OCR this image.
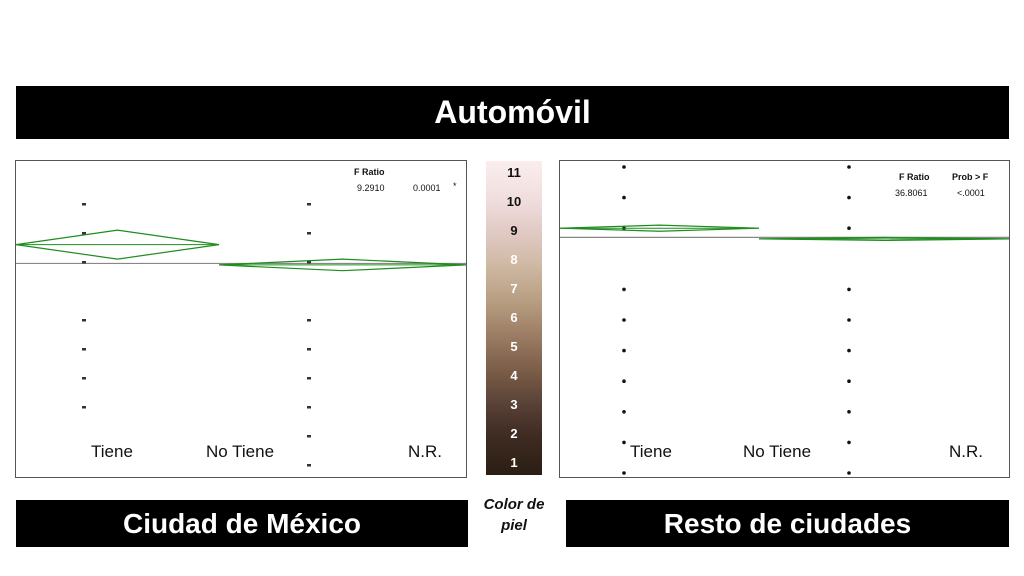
Automóvil
F Ratio
9.2910	0.0001 *
Tiene	No Tiene	N.R.
11
10
9
8
7
6
5
4
3
2
1
Color de
piel
F Ratio	Prob > F
36.8061	<.0001
Tiene	No Tiene	N.R.
Ciudad de México	Resto de ciudades
